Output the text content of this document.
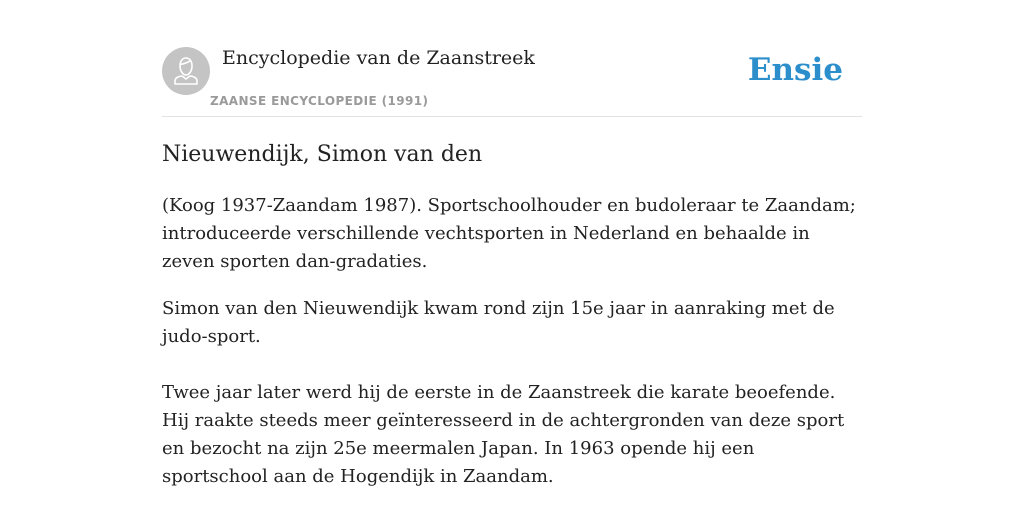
Encyclopedie van de Zaanstreek
ZAANSE ENCYCLOPEDIE (1991)
Ensie
Nieuwendijk, Simon van den

(Koog 1937-Zaandam 1987). Sportschoolhouder en budoleraar te Zaandam; introduceerde verschillende vechtsporten in Nederland en behaalde in zeven sporten dan-gradaties.

Simon van den Nieuwendijk kwam rond zijn 15e jaar in aanraking met de judo-sport.

Twee jaar later werd hij de eerste in de Zaanstreek die karate beoefende. Hij raakte steeds meer geïnteresseerd in de achtergronden van deze sport en bezocht na zijn 25e meermalen Japan. In 1963 opende hij een sportschool aan de Hogendijk in Zaandam.
